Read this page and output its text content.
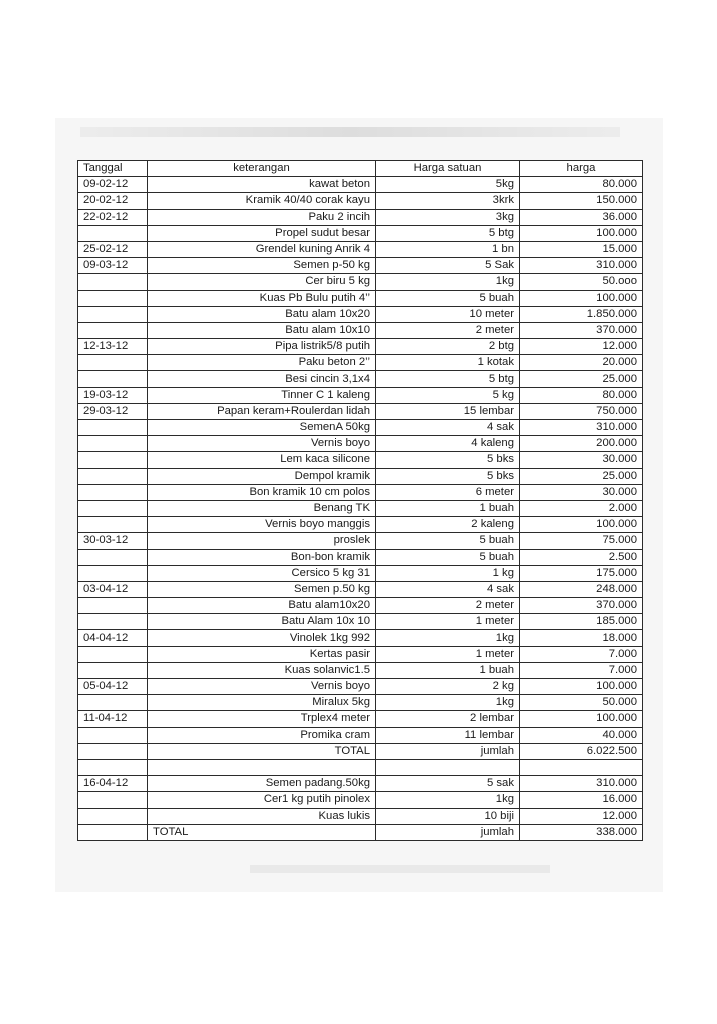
Tanggal	keterangan	Harga satuan	harga
09-02-12	kawat beton	5kg	80.000
20-02-12	Kramik 40/40 corak kayu	3krk	150.000
22-02-12	Paku 2 incih	3kg	36.000
	Propel sudut besar	5 btg	100.000
25-02-12	Grendel kuning Anrik 4	1 bn	15.000
09-03-12	Semen p-50 kg	5 Sak	310.000
	Cer biru 5 kg	1kg	50.ooo
	Kuas Pb Bulu putih 4’’	5 buah	100.000
	Batu alam 10x20	10 meter	1.850.000
	Batu alam 10x10	2 meter	370.000
12-13-12	Pipa listrik5/8 putih	2 btg	12.000
	Paku beton 2’’	1 kotak	20.000
	Besi cincin 3,1x4	5 btg	25.000
19-03-12	Tinner C 1 kaleng	5 kg	80.000
29-03-12	Papan keram+Roulerdan lidah	15 lembar	750.000
	SemenA 50kg	4 sak	310.000
	Vernis boyo	4 kaleng	200.000
	Lem kaca silicone	5 bks	30.000
	Dempol kramik	5 bks	25.000
	Bon kramik 10 cm polos	6 meter	30.000
	Benang TK	1 buah	2.000
	Vernis boyo manggis	2 kaleng	100.000
30-03-12	proslek	5 buah	75.000
	Bon-bon kramik	5 buah	2.500
	Cersico 5 kg 31	1 kg	175.000
03-04-12	Semen p.50 kg	4 sak	248.000
	Batu alam10x20	2 meter	370.000
	Batu Alam 10x 10	1 meter	185.000
04-04-12	Vinolek 1kg 992	1kg	18.000
	Kertas pasir	1 meter	7.000
	Kuas solanvic1.5	1 buah	7.000
05-04-12	Vernis boyo	2 kg	100.000
	Miralux 5kg	1kg	50.000
11-04-12	Trplex4 meter	2 lembar	100.000
	Promika cram	11 lembar	40.000
	TOTAL	jumlah	6.022.500

16-04-12	Semen padang.50kg	5 sak	310.000
	Cer1 kg putih pinolex	1kg	16.000
	Kuas lukis	10 biji	12.000
	TOTAL	jumlah	338.000
